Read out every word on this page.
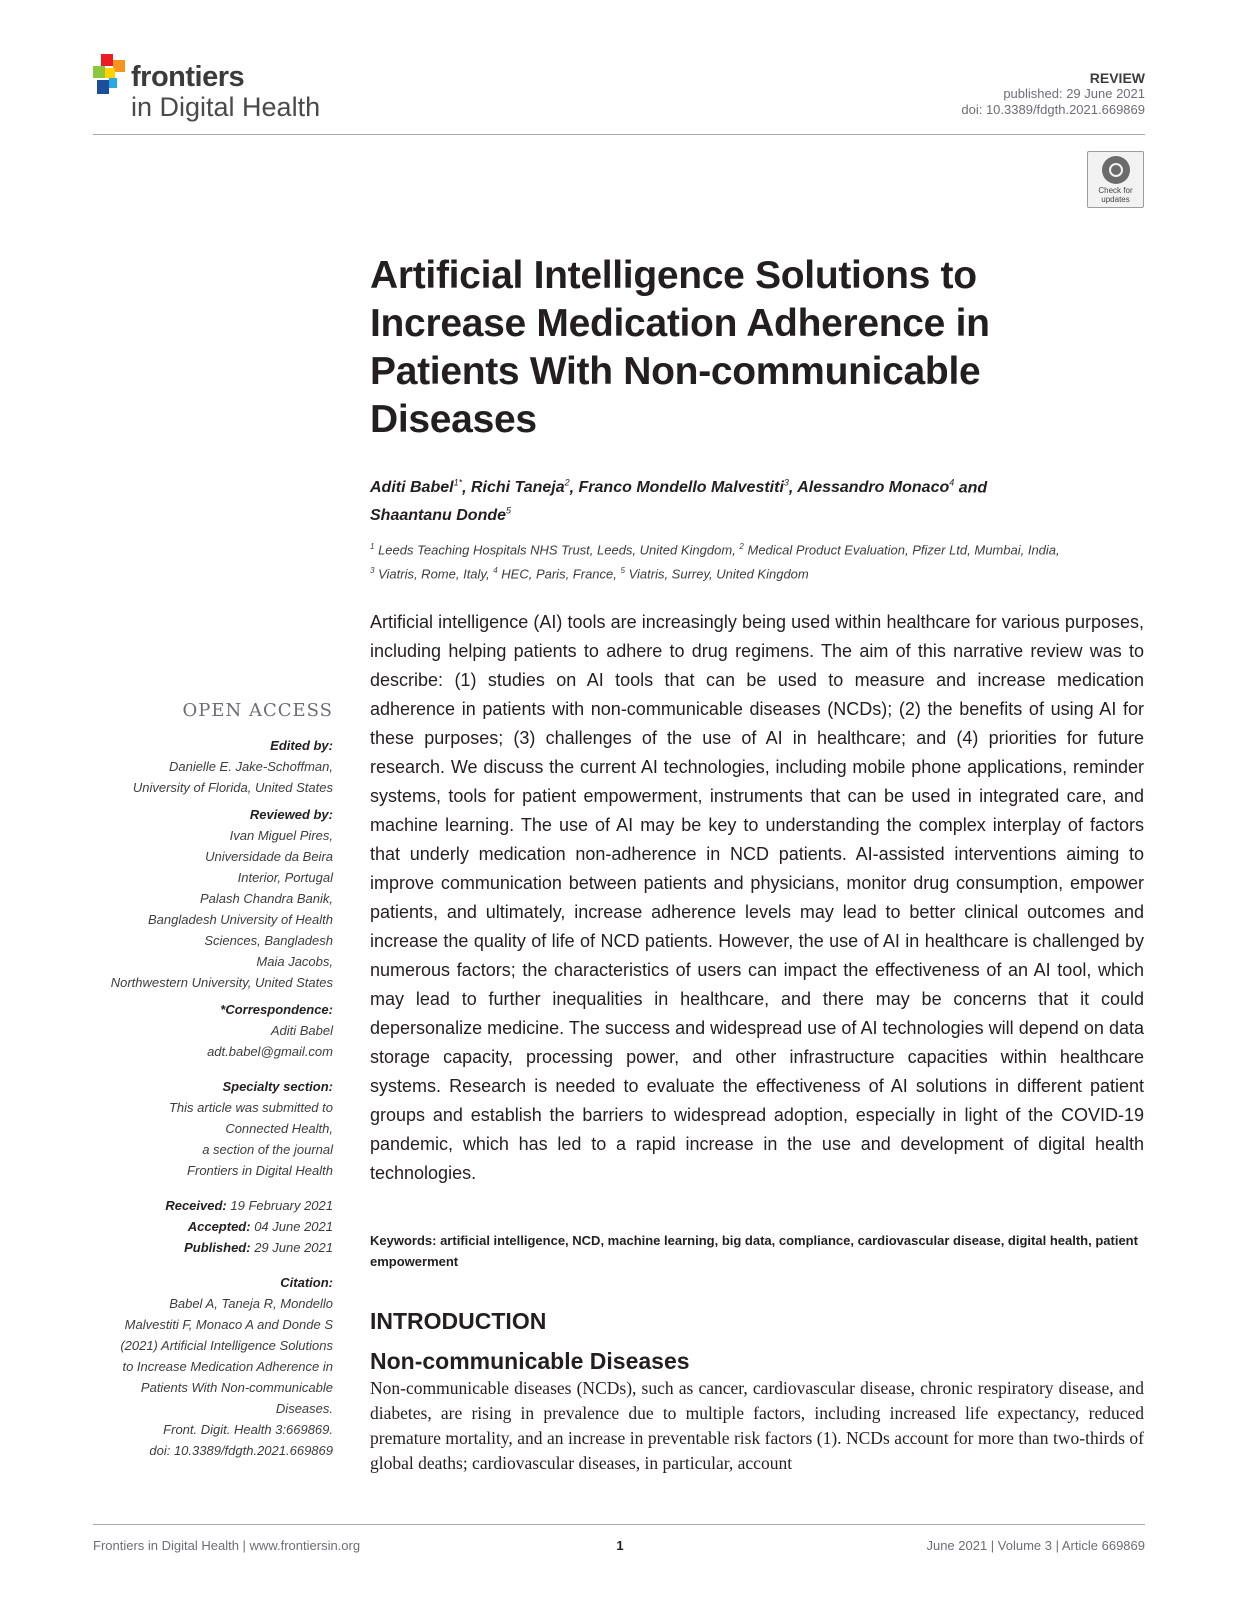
frontiers
in Digital Health
REVIEW
published: 29 June 2021
doi: 10.3389/fdgth.2021.669869
Check for updates
Artificial Intelligence Solutions to Increase Medication Adherence in Patients With Non-communicable Diseases
Aditi Babel$^{1*}$, Richi Taneja$^2$, Franco Mondello Malvestiti$^3$, Alessandro Monaco$^4$ and
Shaantanu Donde$^5$
$^1$ Leeds Teaching Hospitals NHS Trust, Leeds, United Kingdom, $^2$ Medical Product Evaluation, Pfizer Ltd, Mumbai, India,
$^3$ Viatris, Rome, Italy, $^4$ HEC, Paris, France, $^5$ Viatris, Surrey, United Kingdom

Artificial intelligence (AI) tools are increasingly being used within healthcare for various purposes, including helping patients to adhere to drug regimens. The aim of this narrative review was to describe: (1) studies on AI tools that can be used to measure and increase medication adherence in patients with non-communicable diseases (NCDs); (2) the benefits of using AI for these purposes; (3) challenges of the use of AI in healthcare; and (4) priorities for future research. We discuss the current AI technologies, including mobile phone applications, reminder systems, tools for patient empowerment, instruments that can be used in integrated care, and machine learning. The use of AI may be key to understanding the complex interplay of factors that underly medication non-adherence in NCD patients. AI-assisted interventions aiming to improve communication between patients and physicians, monitor drug consumption, empower patients, and ultimately, increase adherence levels may lead to better clinical outcomes and increase the quality of life of NCD patients. However, the use of AI in healthcare is challenged by numerous factors; the characteristics of users can impact the effectiveness of an AI tool, which may lead to further inequalities in healthcare, and there may be concerns that it could depersonalize medicine. The success and widespread use of AI technologies will depend on data storage capacity, processing power, and other infrastructure capacities within healthcare systems. Research is needed to evaluate the effectiveness of AI solutions in different patient groups and establish the barriers to widespread adoption, especially in light of the COVID-19 pandemic, which has led to a rapid increase in the use and development of digital health technologies.

Keywords: artificial intelligence, NCD, machine learning, big data, compliance, cardiovascular disease, digital health, patient empowerment
OPEN ACCESS
Edited by:
Danielle E. Jake-Schoffman,
University of Florida, United States
Reviewed by:
Ivan Miguel Pires,
Universidade da Beira
Interior, Portugal
Palash Chandra Banik,
Bangladesh University of Health
Sciences, Bangladesh
Maia Jacobs,
Northwestern University, United States
*Correspondence:
Aditi Babel
adt.babel@gmail.com
Specialty section:
This article was submitted to
Connected Health,
a section of the journal
Frontiers in Digital Health
Received: 19 February 2021
Accepted: 04 June 2021
Published: 29 June 2021
Citation:
Babel A, Taneja R, Mondello
Malvestiti F, Monaco A and Donde S
(2021) Artificial Intelligence Solutions
to Increase Medication Adherence in
Patients With Non-communicable
Diseases.
Front. Digit. Health 3:669869.
doi: 10.3389/fdgth.2021.669869
INTRODUCTION
Non-communicable Diseases

Non-communicable diseases (NCDs), such as cancer, cardiovascular disease, chronic respiratory disease, and diabetes, are rising in prevalence due to multiple factors, including increased life expectancy, reduced premature mortality, and an increase in preventable risk factors (1). NCDs account for more than two-thirds of global deaths; cardiovascular diseases, in particular, account

Frontiers in Digital Health | www.frontiersin.org	1	June 2021 | Volume 3 | Article 669869
